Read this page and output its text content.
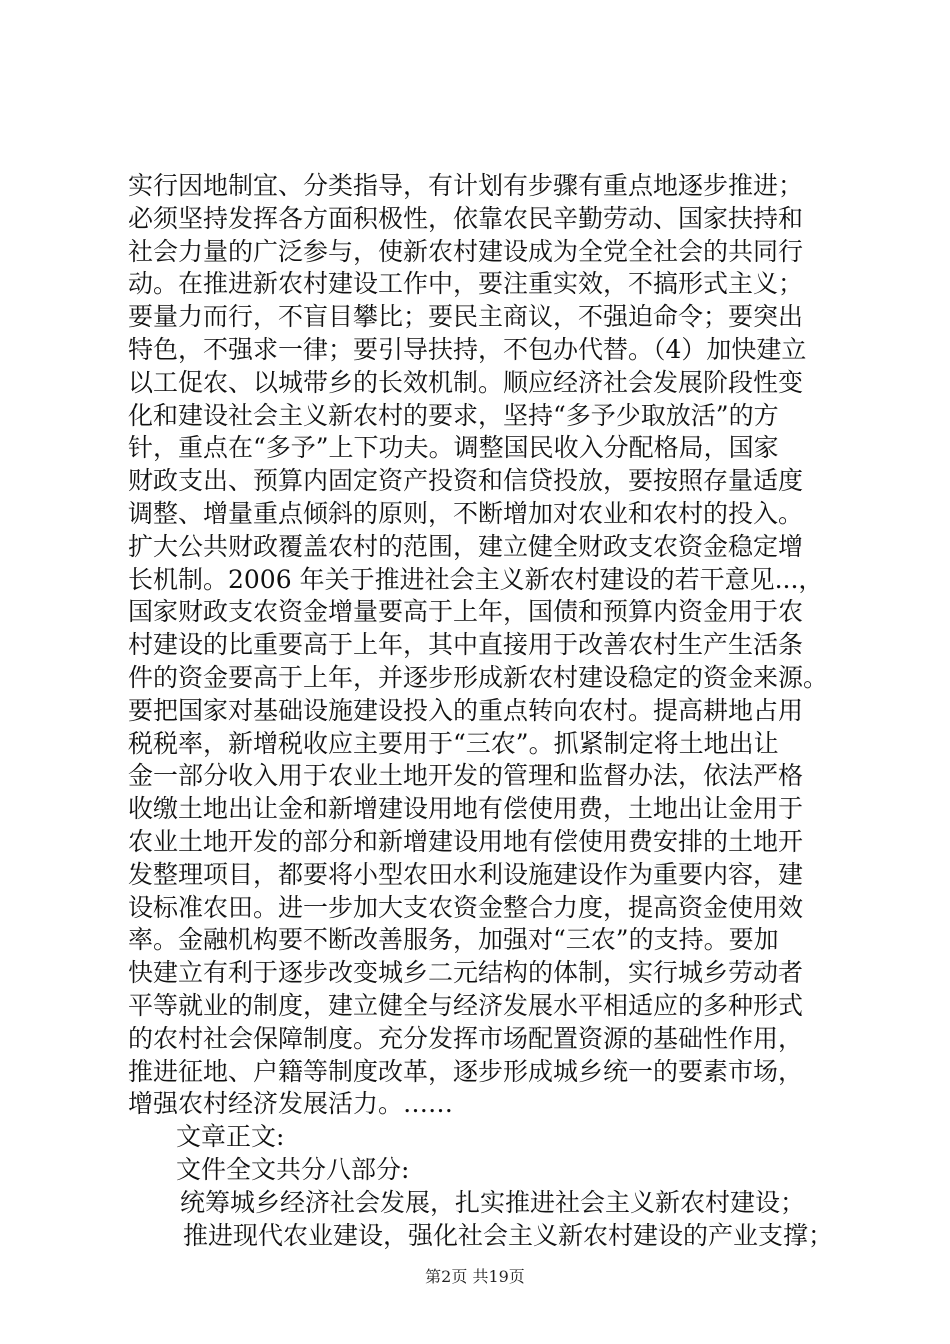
实行因地制宜、分类指导，有计划有步骤有重点地逐步推进；
必须坚持发挥各方面积极性，依靠农民辛勤劳动、国家扶持和
社会力量的广泛参与，使新农村建设成为全党全社会的共同行
动。在推进新农村建设工作中，要注重实效，不搞形式主义；
要量力而行，不盲目攀比；要民主商议，不强迫命令；要突出
特色，不强求一律；要引导扶持，不包办代替。（4）加快建立
以工促农、以城带乡的长效机制。顺应经济社会发展阶段性变
化和建设社会主义新农村的要求，坚持“多予少取放活”的方
针，重点在“多予”上下功夫。调整国民收入分配格局，国家
财政支出、预算内固定资产投资和信贷投放，要按照存量适度
调整、增量重点倾斜的原则，不断增加对农业和农村的投入。
扩大公共财政覆盖农村的范围，建立健全财政支农资金稳定增
长机制。2006 年关于推进社会主义新农村建设的若干意见...，
国家财政支农资金增量要高于上年，国债和预算内资金用于农
村建设的比重要高于上年，其中直接用于改善农村生产生活条
件的资金要高于上年，并逐步形成新农村建设稳定的资金来源。
要把国家对基础设施建设投入的重点转向农村。提高耕地占用
税税率，新增税收应主要用于“三农”。抓紧制定将土地出让
金一部分收入用于农业土地开发的管理和监督办法，依法严格
收缴土地出让金和新增建设用地有偿使用费，土地出让金用于
农业土地开发的部分和新增建设用地有偿使用费安排的土地开
发整理项目，都要将小型农田水利设施建设作为重要内容，建
设标准农田。进一步加大支农资金整合力度，提高资金使用效
率。金融机构要不断改善服务，加强对“三农”的支持。要加
快建立有利于逐步改变城乡二元结构的体制，实行城乡劳动者
平等就业的制度，建立健全与经济发展水平相适应的多种形式
的农村社会保障制度。充分发挥市场配置资源的基础性作用，
推进征地、户籍等制度改革，逐步形成城乡统一的要素市场，
增强农村经济发展活力。……
文章正文:
文件全文共分八部分:
统筹城乡经济社会发展，扎实推进社会主义新农村建设；
推进现代农业建设，强化社会主义新农村建设的产业支撑；
第2页 共19页
